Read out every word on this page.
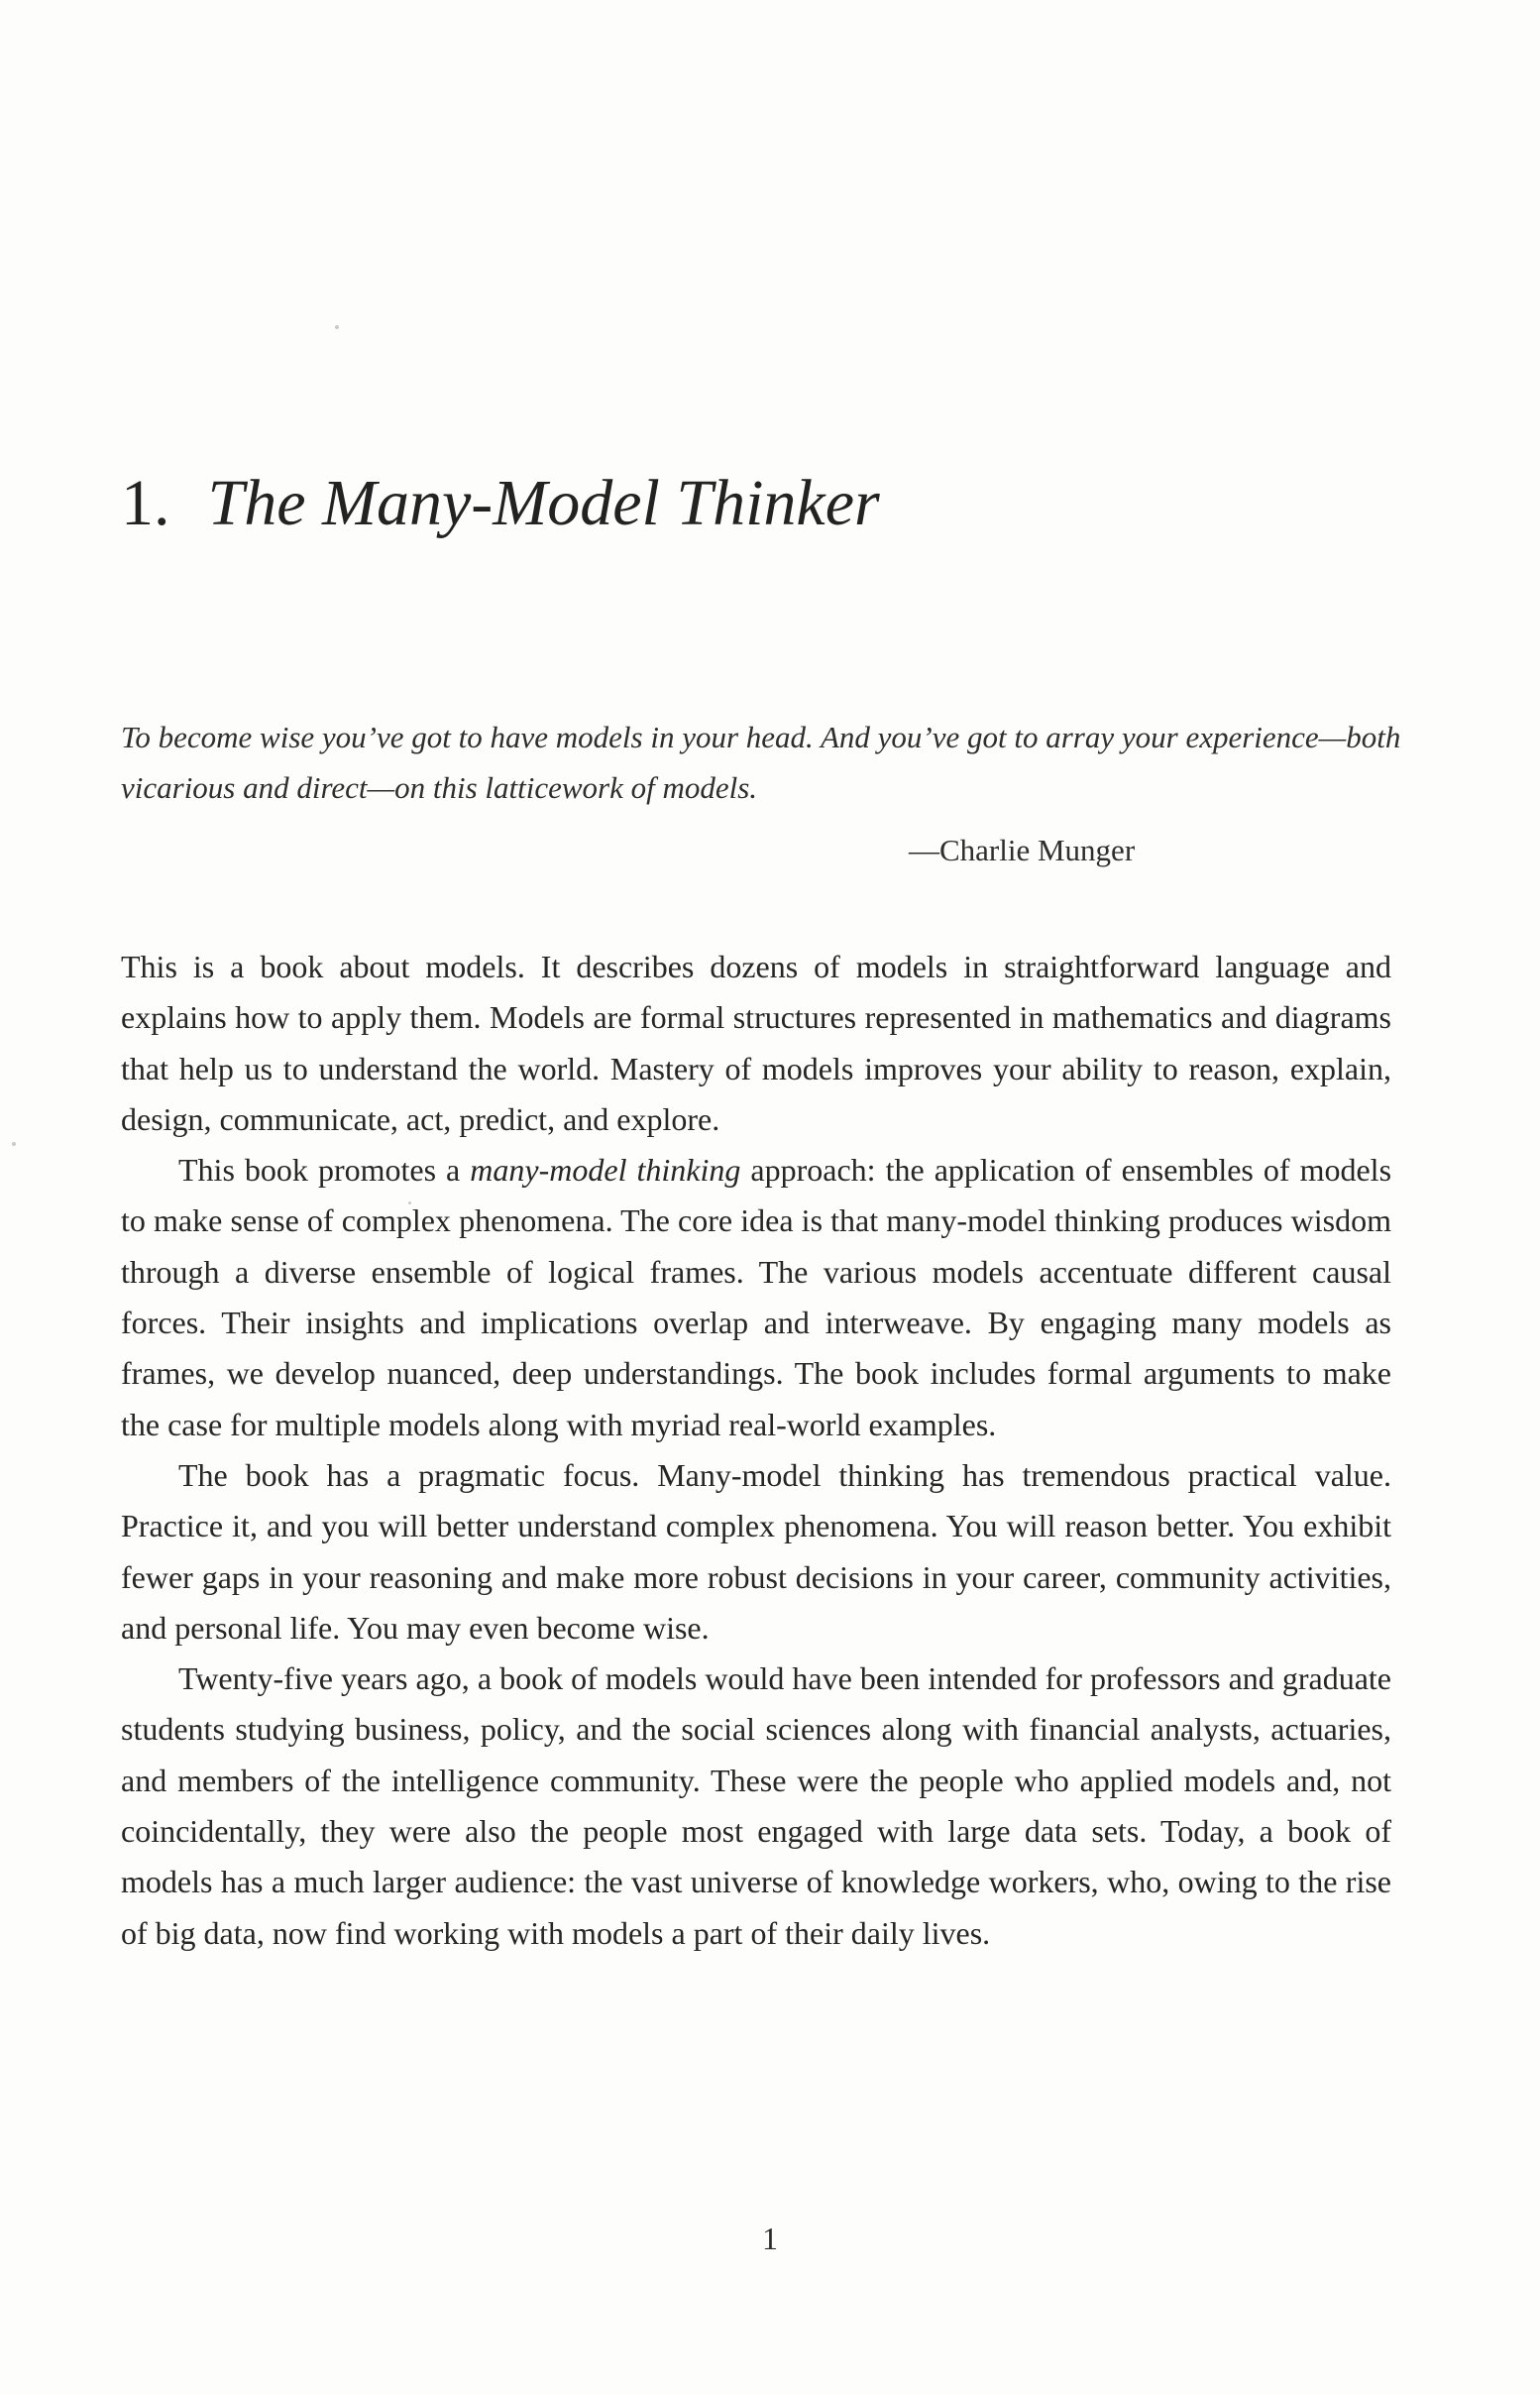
1. The Many-Model Thinker

To become wise you’ve got to have models in your head. And you’ve got to array your experience—both vicarious and direct—on this latticework of models.

—Charlie Munger

This is a book about models. It describes dozens of models in straightforward language and explains how to apply them. Models are formal structures represented in mathematics and diagrams that help us to understand the world. Mastery of models improves your ability to reason, explain, design, communicate, act, predict, and explore.

This book promotes a many-model thinking approach: the application of ensembles of models to make sense of complex phenomena. The core idea is that many-model thinking produces wisdom through a diverse ensemble of logical frames. The various models accentuate different causal forces. Their insights and implications overlap and interweave. By engaging many models as frames, we develop nuanced, deep understandings. The book includes formal arguments to make the case for multiple models along with myriad real-world examples.

The book has a pragmatic focus. Many-model thinking has tremendous practical value. Practice it, and you will better understand complex phenomena. You will reason better. You exhibit fewer gaps in your reasoning and make more robust decisions in your career, community activities, and personal life. You may even become wise.

Twenty-five years ago, a book of models would have been intended for professors and graduate students studying business, policy, and the social sciences along with financial analysts, actuaries, and members of the intelligence community. These were the people who applied models and, not coincidentally, they were also the people most engaged with large data sets. Today, a book of models has a much larger audience: the vast universe of knowledge workers, who, owing to the rise of big data, now find working with models a part of their daily lives.

1
